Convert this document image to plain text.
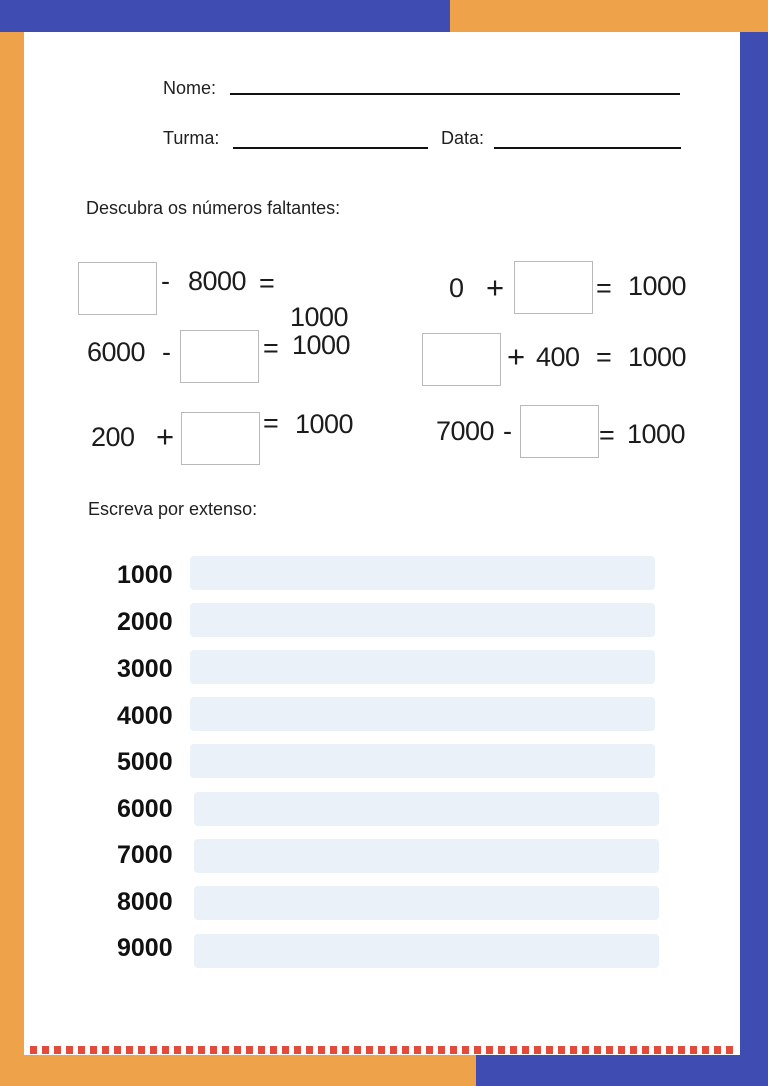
Nome:
Turma:	Data:
Descubra os números faltantes:
- 8000 =
1000
6000 -	= 1000
200 +	= 1000
0 +	= 1000
+ 400 = 1000
7000 -	= 1000
Escreva por extenso:
1000
2000
3000
4000
5000
6000
7000
8000
9000
